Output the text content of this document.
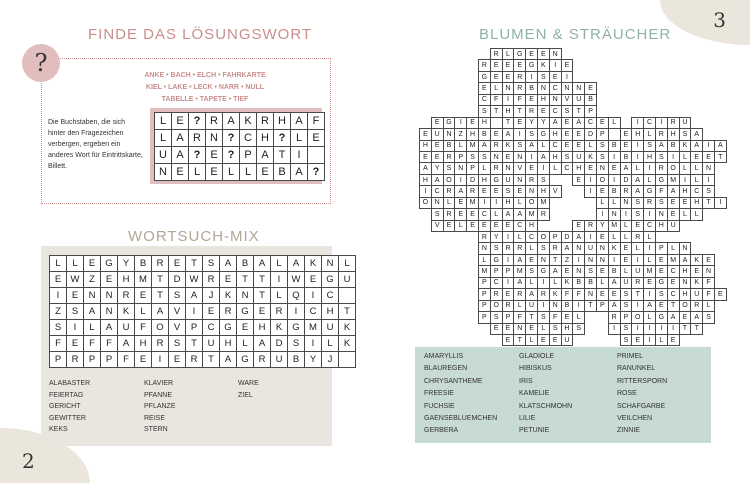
2
FINDE DAS LÖSUNGSWORT
?	ANKE • BACH • ELCH • FAHRKARTE
KIEL • LAKE • LECK • NARR • NULL
TABELLE • TAPETE • TIEF
Die Buchstaben, die sich hinter den Fragezeichen verbergen, ergeben ein anderes Wort für Eintrittskarte, Billett.
L	E	?	R	A	K	R	H	A	F
L	A	R	N	?	C	H	?	L	E
U	A	?	E	?	P	A	T	I	
N	E	L	E	L	L	E	B	A	?
WORTSUCH-MIX
L	L	E	G	Y	B	R	E	T	S	A	B	A	L	A	K	N	L
E	W	Z	E	H	M	T	D	W	R	E	T	T	I	W	E	G	U
I	E	N	N	R	E	T	S	A	J	K	N	T	L	Q	I	C	
Z	S	A	N	K	L	A	V	I	E	R	G	E	R	I	C	H	T
S	I	L	A	U	F	O	V	P	C	G	E	H	K	G	M	U	K
F	E	F	F	A	H	R	S	T	U	H	L	A	D	S	I	L	K
P	R	P	P	F	E	I	E	R	T	A	G	R	U	B	Y	J	
ALABASTER
FEIERTAG
GERICHT
GEWITTER
KEKS
KLAVIER
PFANNE
PFLANZE
REISE
STERN
WARE
ZIEL
3
BLUMEN & STRÄUCHER
						R	L	G	E	E	N														
					R	E	E	E	G	K	I	E													
					G	E	E	R	I	S	E	I													
					E	L	N	R	B	N	C	N	N	E											
					C	F	I	F	E	H	N	V	U	B											
					S	T	H	T	R	E	C	S	T	P											
	E	G	I	E	H		T	E	Y	Y	A	E	A	C	E	L		I	C	I	R	U			
E	U	N	Z	H	B	E	A	I	S	G	H	E	E	D	P		E	H	L	R	H	S	A		
H	E	B	L	M	A	R	K	S	A	L	C	E	E	L	S	B	E	I	S	A	B	K	A	I	A
E	E	R	P	S	S	N	E	N	I	A	H	S	U	K	S	I	B	I	H	S	I	L	E	E	T
A	Y	S	N	P	L	R	N	V	E	I	L	C	H	E	N	E	A	L	I	R	O	L	L	N	
H	A	O	I	D	H	G	U	N	R	S			E	I	O	I	D	A	L	G	M	I	L	I	
I	C	R	A	R	E	E	S	E	N	H	V			I	E	B	R	A	G	F	A	H	C	S	
O	N	L	E	M	I	I	H	L	O	M					L	L	N	S	R	S	E	E	H	T	I
	S	R	E	E	C	L	A	A	M	R					I	N	I	S	I	N	E	L	L		
	V	E	L	E	E	E	E	C	H				E	R	Y	M	L	E	C	H	U				
					R	Y	I	L	C	O	P	D	A	I	E	L	L	R	L						
					N	S	R	R	L	S	R	A	N	U	N	K	E	L	I	P	L	N			
					L	G	I	A	E	N	T	Z	I	N	N	I	E	I	L	E	M	A	K	E	
					M	P	P	M	S	G	A	E	N	S	E	B	L	U	M	E	C	H	E	N	
					P	C	I	A	L	I	L	K	B	B	L	A	U	R	E	G	E	N	K	F	
					P	R	E	R	A	R	K	F	F	N	E	E	S	T	I	S	C	H	U	F	E
					P	O	R	L	U	I	N	B	I	T	P	A	S	I	A	E	T	O	R	L	
					P	S	P	F	T	S	F	E	L			R	P	O	L	G	A	E	A	S	
						E	E	N	E	L	S	H	S			I	S	I	I	I	I	T	T		
							E	T	L	E	E	U					S	E	I	L	E				
AMARYLLIS
BLAUREGEN
CHRYSANTHEME
FREESIE
FUCHSIE
GAENSEBLUEMCHEN
GERBERA
GLADIOLE
HIBISKUS
IRIS
KAMELIE
KLATSCHMOHN
LILIE
PETUNIE
PRIMEL
RANUNKEL
RITTERSPORN
ROSE
SCHAFGARBE
VEILCHEN
ZINNIE
